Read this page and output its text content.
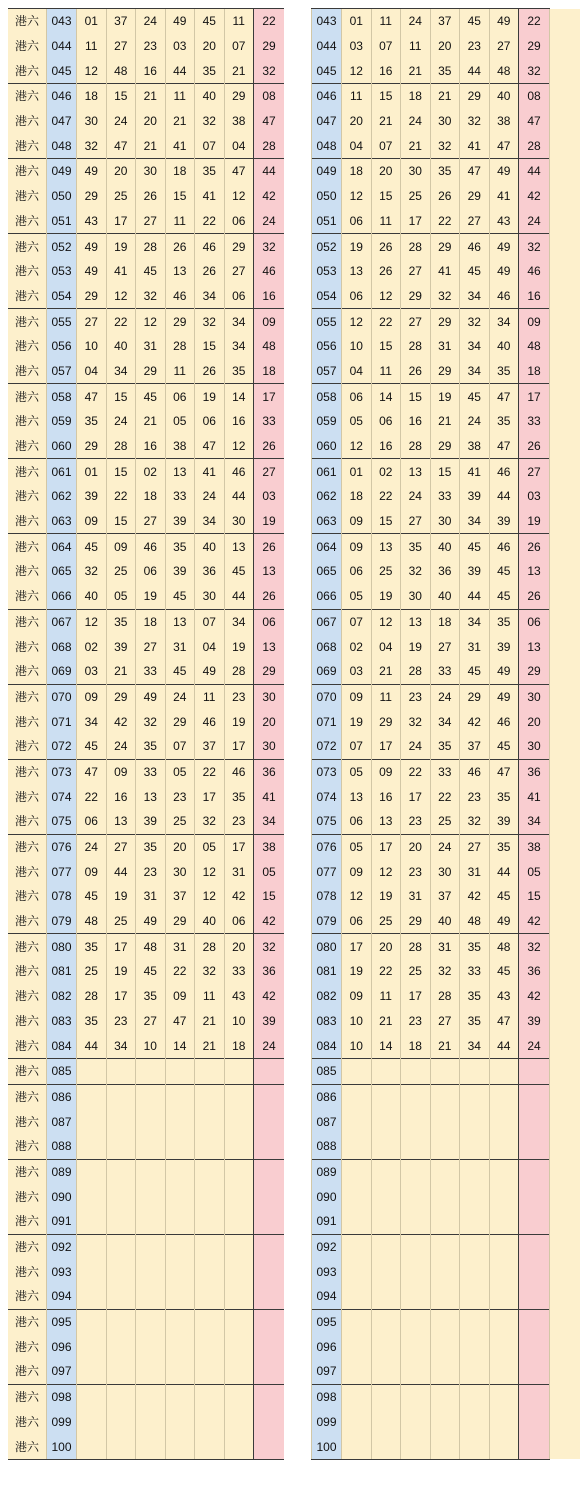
港六	043	01	37	24	49	45	11	22
港六	044	11	27	23	03	20	07	29
港六	045	12	48	16	44	35	21	32
港六	046	18	15	21	11	40	29	08
港六	047	30	24	20	21	32	38	47
港六	048	32	47	21	41	07	04	28
港六	049	49	20	30	18	35	47	44
港六	050	29	25	26	15	41	12	42
港六	051	43	17	27	11	22	06	24
港六	052	49	19	28	26	46	29	32
港六	053	49	41	45	13	26	27	46
港六	054	29	12	32	46	34	06	16
港六	055	27	22	12	29	32	34	09
港六	056	10	40	31	28	15	34	48
港六	057	04	34	29	11	26	35	18
港六	058	47	15	45	06	19	14	17
港六	059	35	24	21	05	06	16	33
港六	060	29	28	16	38	47	12	26
港六	061	01	15	02	13	41	46	27
港六	062	39	22	18	33	24	44	03
港六	063	09	15	27	39	34	30	19
港六	064	45	09	46	35	40	13	26
港六	065	32	25	06	39	36	45	13
港六	066	40	05	19	45	30	44	26
港六	067	12	35	18	13	07	34	06
港六	068	02	39	27	31	04	19	13
港六	069	03	21	33	45	49	28	29
港六	070	09	29	49	24	11	23	30
港六	071	34	42	32	29	46	19	20
港六	072	45	24	35	07	37	17	30
港六	073	47	09	33	05	22	46	36
港六	074	22	16	13	23	17	35	41
港六	075	06	13	39	25	32	23	34
港六	076	24	27	35	20	05	17	38
港六	077	09	44	23	30	12	31	05
港六	078	45	19	31	37	12	42	15
港六	079	48	25	49	29	40	06	42
港六	080	35	17	48	31	28	20	32
港六	081	25	19	45	22	32	33	36
港六	082	28	17	35	09	11	43	42
港六	083	35	23	27	47	21	10	39
港六	084	44	34	10	14	21	18	24
港六	085							
港六	086							
港六	087							
港六	088							
港六	089							
港六	090							
港六	091							
港六	092							
港六	093							
港六	094							
港六	095							
港六	096							
港六	097							
港六	098							
港六	099							
港六	100							
043	01	11	24	37	45	49	22	
044	03	07	11	20	23	27	29	
045	12	16	21	35	44	48	32	
046	11	15	18	21	29	40	08	
047	20	21	24	30	32	38	47	
048	04	07	21	32	41	47	28	
049	18	20	30	35	47	49	44	
050	12	15	25	26	29	41	42	
051	06	11	17	22	27	43	24	
052	19	26	28	29	46	49	32	
053	13	26	27	41	45	49	46	
054	06	12	29	32	34	46	16	
055	12	22	27	29	32	34	09	
056	10	15	28	31	34	40	48	
057	04	11	26	29	34	35	18	
058	06	14	15	19	45	47	17	
059	05	06	16	21	24	35	33	
060	12	16	28	29	38	47	26	
061	01	02	13	15	41	46	27	
062	18	22	24	33	39	44	03	
063	09	15	27	30	34	39	19	
064	09	13	35	40	45	46	26	
065	06	25	32	36	39	45	13	
066	05	19	30	40	44	45	26	
067	07	12	13	18	34	35	06	
068	02	04	19	27	31	39	13	
069	03	21	28	33	45	49	29	
070	09	11	23	24	29	49	30	
071	19	29	32	34	42	46	20	
072	07	17	24	35	37	45	30	
073	05	09	22	33	46	47	36	
074	13	16	17	22	23	35	41	
075	06	13	23	25	32	39	34	
076	05	17	20	24	27	35	38	
077	09	12	23	30	31	44	05	
078	12	19	31	37	42	45	15	
079	06	25	29	40	48	49	42	
080	17	20	28	31	35	48	32	
081	19	22	25	32	33	45	36	
082	09	11	17	28	35	43	42	
083	10	21	23	27	35	47	39	
084	10	14	18	21	34	44	24	
085								
086								
087								
088								
089								
090								
091								
092								
093								
094								
095								
096								
097								
098								
099								
100								
